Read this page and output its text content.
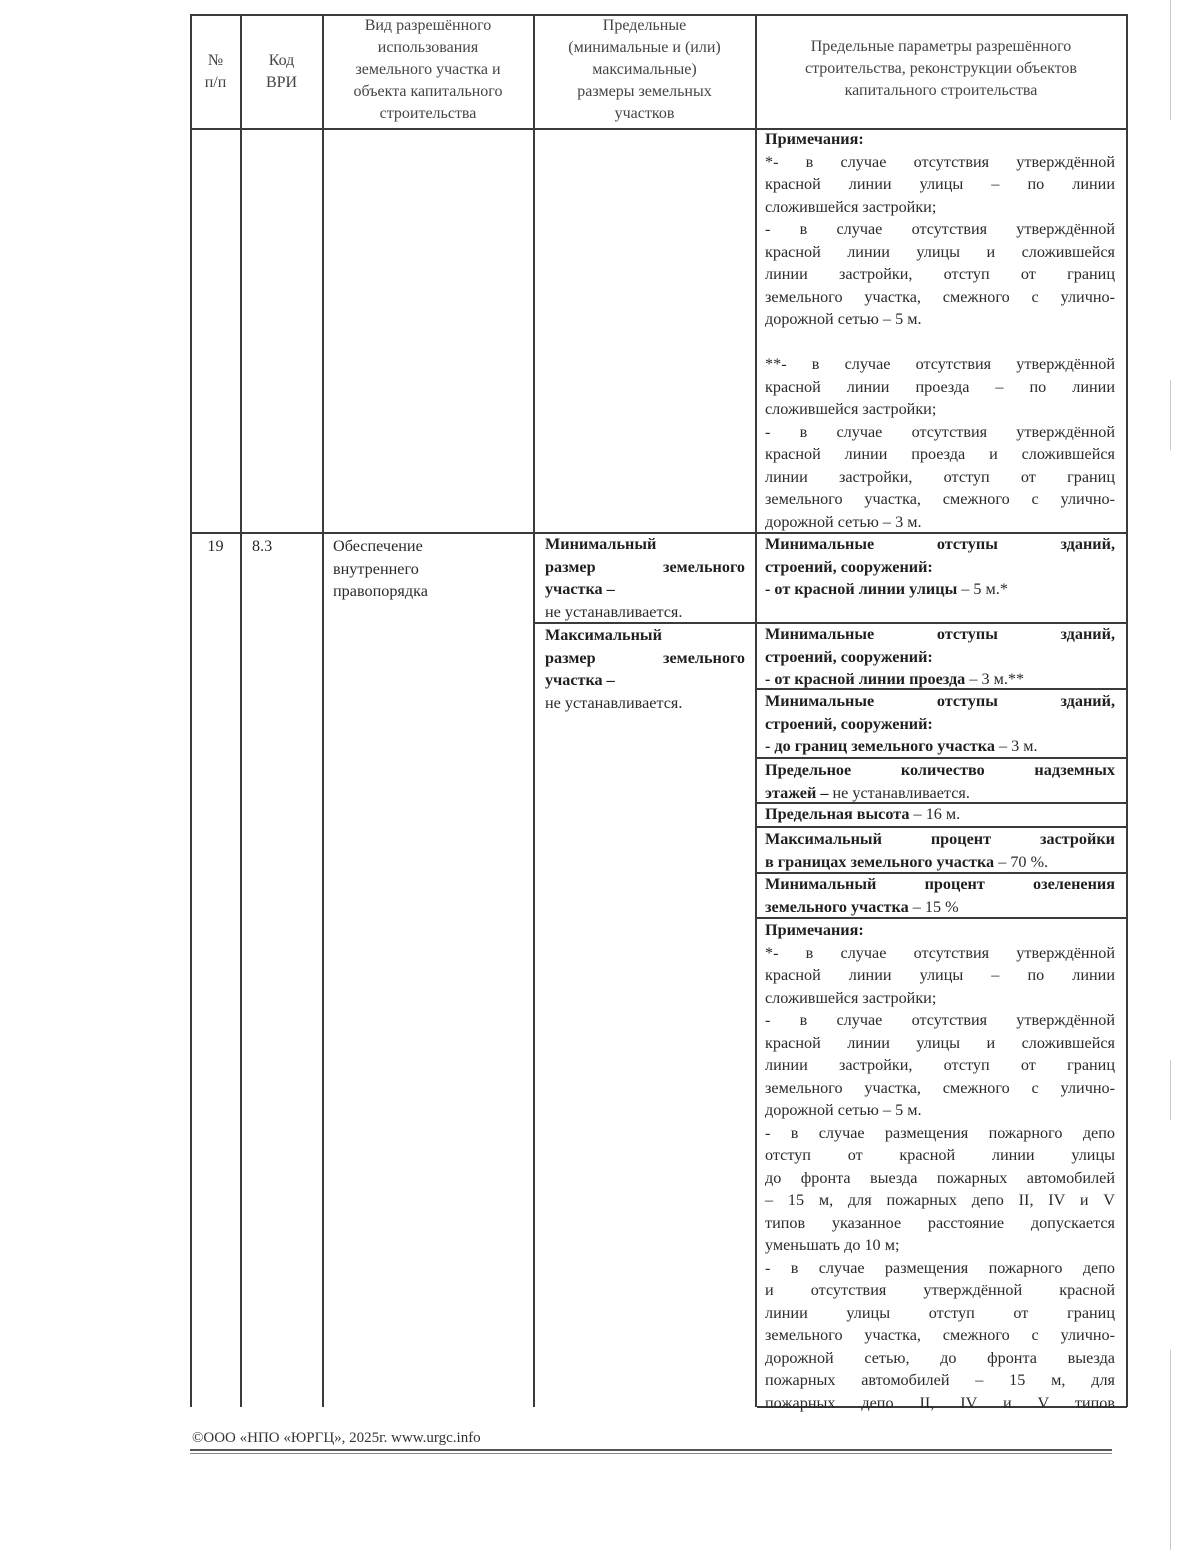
№
п/п
Код
ВРИ
Вид разрешённого
использования
земельного участка и
объекта капитального
строительства
Предельные
(минимальные и (или)
максимальные)
размеры земельных
участков
Предельные параметры разрешённого
строительства, реконструкции объектов
капитального строительства
Примечания:
*- в случае отсутствия утверждённой
красной линии улицы – по линии
сложившейся застройки;
- в случае отсутствия утверждённой
красной линии улицы и сложившейся
линии застройки, отступ от границ
земельного участка, смежного с улично-
дорожной сетью – 5 м.
**- в случае отсутствия утверждённой
красной линии проезда – по линии
сложившейся застройки;
- в случае отсутствия утверждённой
красной линии проезда и сложившейся
линии застройки, отступ от границ
земельного участка, смежного с улично-
дорожной сетью – 3 м.
19	8.3	Обеспечение
внутреннего
правопорядка
Минимальный
размер земельного
участка –
не устанавливается.
Максимальный
размер земельного
участка –
не устанавливается.
Минимальные отступы зданий,
строений, сооружений:
- от красной линии улицы – 5 м.*
Минимальные отступы зданий,
строений, сооружений:
- от красной линии проезда – 3 м.**
Минимальные отступы зданий,
строений, сооружений:
- до границ земельного участка – 3 м.
Предельное количество надземных
этажей – не устанавливается.
Предельная высота – 16 м.
Максимальный процент застройки
в границах земельного участка – 70 %.
Минимальный процент озеленения
земельного участка – 15 %
Примечания:
*- в случае отсутствия утверждённой
красной линии улицы – по линии
сложившейся застройки;
- в случае отсутствия утверждённой
красной линии улицы и сложившейся
линии застройки, отступ от границ
земельного участка, смежного с улично-
дорожной сетью – 5 м.
- в случае размещения пожарного депо
отступ от красной линии улицы
до фронта выезда пожарных автомобилей
– 15 м, для пожарных депо II, IV и V
типов указанное расстояние допускается
уменьшать до 10 м;
- в случае размещения пожарного депо
и отсутствия утверждённой красной
линии улицы отступ от границ
земельного участка, смежного с улично-
дорожной сетью, до фронта выезда
пожарных автомобилей – 15 м, для
пожарных депо II, IV и V типов
©ООО «НПО «ЮРГЦ», 2025г. www.urgc.info
